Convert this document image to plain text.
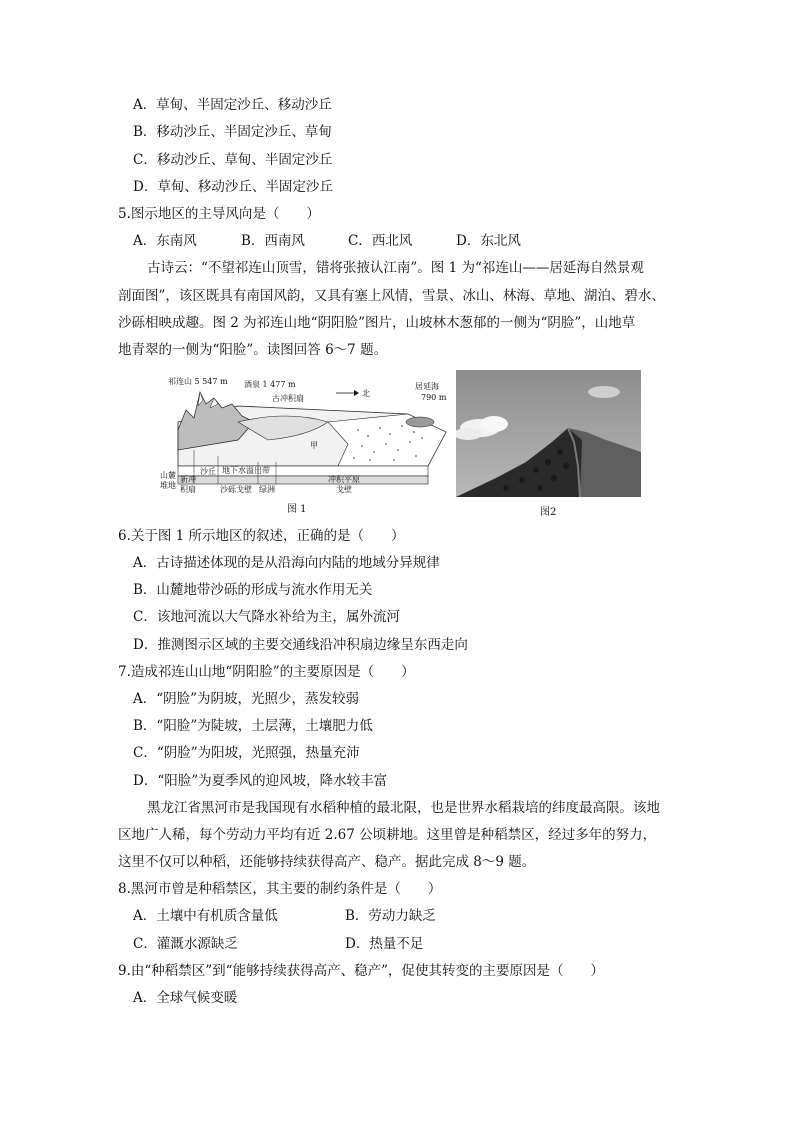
A．草甸、半固定沙丘、移动沙丘
B．移动沙丘、半固定沙丘、草甸
C．移动沙丘、草甸、半固定沙丘
D．草甸、移动沙丘、半固定沙丘
5.图示地区的主导风向是（　　）
A．东南风	B．西南风	C．西北风	D．东北风
古诗云：“不望祁连山顶雪，错将张掖认江南”。图 1 为“祁连山——居延海自然景观
剖面图”，该区既具有南国风韵，又具有塞上风情，雪景、冰山、林海、草地、湖泊、碧水、
沙砾相映成趣。图 2 为祁连山地“阴阳脸”图片，山坡林木葱郁的一侧为“阴脸”，山地草
地青翠的一侧为“阳脸”。读图回答 6～7 题。
祁连山 5 547 m 酒泉 1 477 m
北
居延海
790 m
古冲积扇
甲
山麓
堆地
沙丘
新冲
积扇
地下水溢出带
沙砾戈壁 绿洲
冲积平原
戈壁
图 1	图2
6.关于图 1 所示地区的叙述，正确的是（　　）
A．古诗描述体现的是从沿海向内陆的地域分异规律
B．山麓地带沙砾的形成与流水作用无关
C．该地河流以大气降水补给为主，属外流河
D．推测图示区域的主要交通线沿冲积扇边缘呈东西走向
7.造成祁连山山地“阴阳脸”的主要原因是（　　）
A．“阴脸”为阴坡，光照少，蒸发较弱
B．“阳脸”为陡坡，土层薄，土壤肥力低
C．“阴脸”为阳坡，光照强，热量充沛
D．“阳脸”为夏季风的迎风坡，降水较丰富
黑龙江省黑河市是我国现有水稻种植的最北限，也是世界水稻栽培的纬度最高限。该地
区地广人稀，每个劳动力平均有近 2.67 公顷耕地。这里曾是种稻禁区，经过多年的努力，
这里不仅可以种稻，还能够持续获得高产、稳产。据此完成 8～9 题。
8.黑河市曾是种稻禁区，其主要的制约条件是（　　）
A．土壤中有机质含量低	B．劳动力缺乏
C．灌溉水源缺乏	D．热量不足
9.由“种稻禁区”到“能够持续获得高产、稳产”，促使其转变的主要原因是（　　）
A．全球气候变暖
